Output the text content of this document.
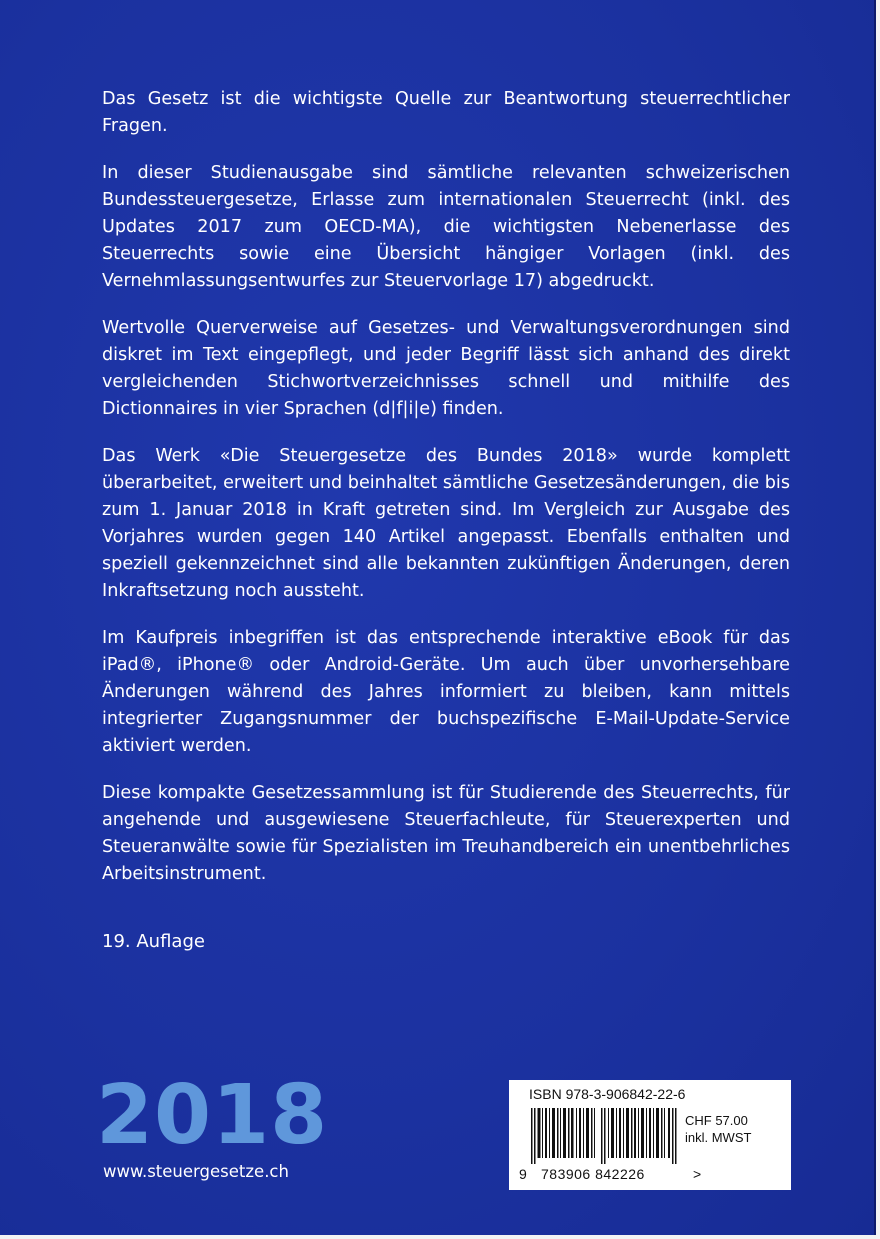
Das Gesetz ist die wichtigste Quelle zur Beantwortung steuerrechtlicher Fragen.

In dieser Studienausgabe sind sämtliche relevanten schweizerischen Bundessteuergesetze, Erlasse zum internationalen Steuerrecht (inkl. des Updates 2017 zum OECD-MA), die wichtigsten Nebenerlasse des Steuerrechts sowie eine Übersicht hängiger Vorlagen (inkl. des Vernehmlassungsentwurfes zur Steuervorlage 17) abgedruckt.

Wertvolle Querverweise auf Gesetzes- und Verwaltungsverordnungen sind diskret im Text eingepflegt, und jeder Begriff lässt sich anhand des direkt vergleichenden Stichwortverzeichnisses schnell und mithilfe des Dictionnaires in vier Sprachen (d|f|i|e) finden.

Das Werk «Die Steuergesetze des Bundes 2018» wurde komplett überarbeitet, erweitert und beinhaltet sämtliche Gesetzesänderungen, die bis zum 1. Januar 2018 in Kraft getreten sind. Im Vergleich zur Ausgabe des Vorjahres wurden gegen 140 Artikel angepasst. Ebenfalls enthalten und speziell gekennzeichnet sind alle bekannten zukünftigen Änderungen, deren Inkraftsetzung noch aussteht.

Im Kaufpreis inbegriffen ist das entsprechende interaktive eBook für das iPad®, iPhone® oder Android-Geräte. Um auch über unvorhersehbare Änderungen während des Jahres informiert zu bleiben, kann mittels integrierter Zugangsnummer der buchspezifische E-Mail-Update-Service aktiviert werden.

Diese kompakte Gesetzessammlung ist für Studierende des Steuerrechts, für angehende und ausgewiesene Steuerfachleute, für Steuerexperten und Steueranwälte sowie für Spezialisten im Treuhandbereich ein unentbehrliches Arbeitsinstrument.

19. Auflage
2018
www.steuergesetze.ch
ISBN 978-3-906842-22-6
CHF 57.00
inkl. MWST
9 783906 842226	>
